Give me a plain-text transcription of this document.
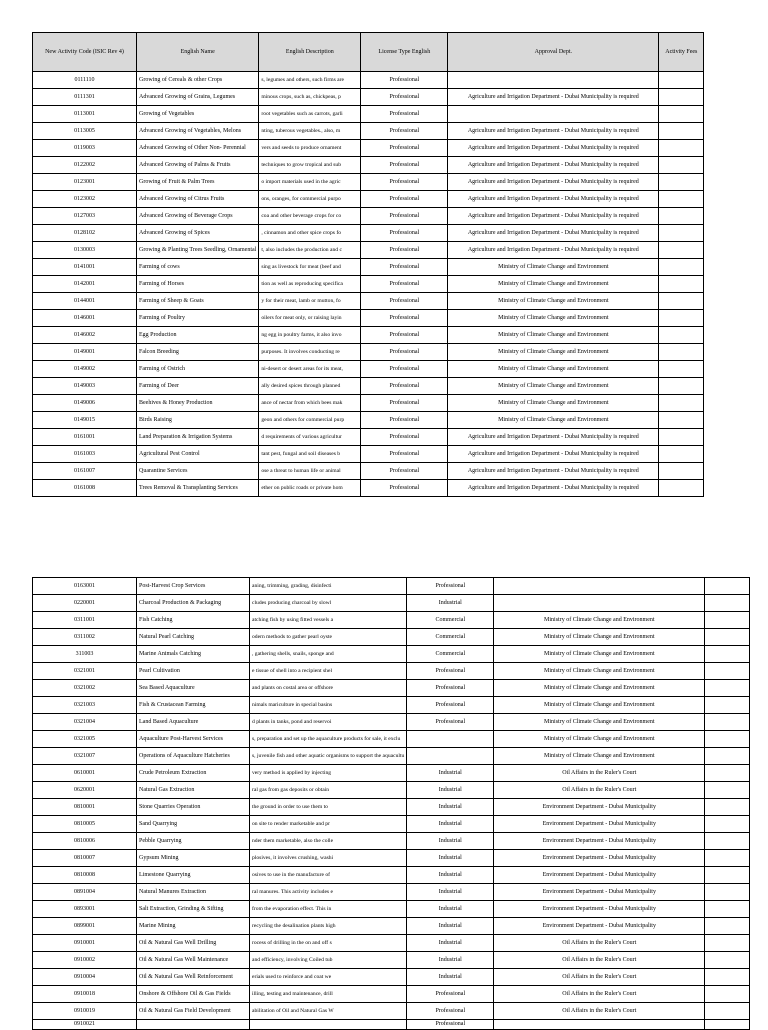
New Activity Code (ISIC Rev 4)	English Name	English Description	License Type English	Approval Dept.	Activity Fees
0111110	Growing of Cereals & other Crops	s, legumes and others, such firms are	Professional		
0111301	Advanced Growing of Grains, Legumes	minous crops, such as, chickpeas, p	Professional	Agriculture and Irrigation Department - Dubai Municipality is required	
0113001	Growing of Vegetables	root vegetables such as carrots, garli	Professional		
0113005	Advanced Growing of Vegetables, Melons	nting, tuberous vegetables., also, m	Professional	Agriculture and Irrigation Department - Dubai Municipality is required	
0119003	Advanced Growing of Other Non- Perennial	vers and seeds to produce ornament	Professional	Agriculture and Irrigation Department - Dubai Municipality is required	
0122002	Advanced Growing of Palms & Fruits	techniques to grow tropical and sub	Professional	Agriculture and Irrigation Department - Dubai Municipality is required	
0123001	Growing of Fruit & Palm Trees	o import materials used in the agric	Professional	Agriculture and Irrigation Department - Dubai Municipality is required	
0123002	Advanced Growing of Citrus Fruits	ons, oranges, for commercial purpo	Professional	Agriculture and Irrigation Department - Dubai Municipality is required	
0127003	Advanced Growing of Beverage Crops	coa and other beverage crops for co	Professional	Agriculture and Irrigation Department - Dubai Municipality is required	
0128102	Advanced Growing of Spices	, cinnamon and other spice crops fo	Professional	Agriculture and Irrigation Department - Dubai Municipality is required	
0130003	Growing & Planting Trees Seedling, Ornamental	t, also includes the production and c	Professional	Agriculture and Irrigation Department - Dubai Municipality is required	
0141001	Farming of cows	sing as livestock for meat (beef and	Professional	Ministry of Climate Change and Environment	
0142001	Farming of Horses	tion as well as reproducing specifica	Professional	Ministry of Climate Change and Environment	
0144001	Farming of Sheep & Goats	y for their meat, lamb or mutton, fo	Professional	Ministry of Climate Change and Environment	
0146001	Farming of Poultry	oilers for meat only, or raising layin	Professional	Ministry of Climate Change and Environment	
0146002	Egg Production	ng egg in poultry farms, it also invo	Professional	Ministry of Climate Change and Environment	
0149001	Falcon Breeding	purposes. It involves conducting re	Professional	Ministry of Climate Change and Environment	
0149002	Farming of Ostrich	ni-desert or desert areas for its meat,	Professional	Ministry of Climate Change and Environment	
0149003	Farming of Deer	ally desired spices through planned	Professional	Ministry of Climate Change and Environment	
0149006	Beehives & Honey Production	ance of nectar from which bees mak	Professional	Ministry of Climate Change and Environment	
0149015	Birds Raising	geon and others for commercial purp	Professional	Ministry of Climate Change and Environment	
0161001	Land Preparation & Irrigation Systems	d requirements of various agricultur	Professional	Agriculture and Irrigation Department - Dubai Municipality is required	
0161003	Agricultural Pest Control	tant pest, fungal and soil diseases b	Professional	Agriculture and Irrigation Department - Dubai Municipality is required	
0161007	Quarantine Services	ose a threat to human life or animal	Professional	Agriculture and Irrigation Department - Dubai Municipality is required	
0161008	Trees Removal & Transplanting Services	ether on public roads or private hom	Professional	Agriculture and Irrigation Department - Dubai Municipality is required	
0163001	Post-Harvest Crop Services	aning, trimming, grading, disinfecti	Professional		
0220001	Charcoal Production & Packaging	cludes producing charcoal by slowl	Industrial		
0311001	Fish Catching	atching fish by using fitted vessels a	Commercial	Ministry of Climate Change and Environment	
0311002	Natural Pearl Catching	odern methods to gather pearl oyste	Commercial	Ministry of Climate Change and Environment	
311003	Marine Animals Catching	, gathering shells, snails, sponge and	Commercial	Ministry of Climate Change and Environment	
0321001	Pearl Cultivation	e tissue of shell into a recipient shel	Professional	Ministry of Climate Change and Environment	
0321002	Sea Based Aquaculture	and plants on costal area or offshore	Professional	Ministry of Climate Change and Environment	
0321003	Fish & Crustacean Farming	nimals mariculture in special basins	Professional	Ministry of Climate Change and Environment	
0321004	Land Based Aquaculture	d plants in tanks, pond and reservoi	Professional	Ministry of Climate Change and Environment	
0321005	Aquaculture Post-Harvest Services	s, preparation and set up the aquaculture products for sale, it exclu		Ministry of Climate Change and Environment	
0321007	Operations of Aquaculture Hatcheries	s, juvenile fish and other aquatic organisms to support the aquacultu		Ministry of Climate Change and Environment	
0610001	Crude Petroleum Extraction	very method is applied by injecting	Industrial	Oil Affairs in the Ruler's Court	
0620001	Natural Gas Extraction	ral gas from gas deposits or obtain	Industrial	Oil Affairs in the Ruler's Court	
0810001	Stone Quarries Operation	the ground in order to use them to	Industrial	Environment Department - Dubai Municipality	
0810005	Sand Quarrying	on site to render marketable and pr	Industrial	Environment Department - Dubai Municipality	
0810006	Pebble Quarrying	nder them marketable, also the colle	Industrial	Environment Department - Dubai Municipality	
0810007	Gypsum Mining	plosives, it involves crushing, washi	Industrial	Environment Department - Dubai Municipality	
0810008	Limestone Quarrying	osives to use in the manufacture of	Industrial	Environment Department - Dubai Municipality	
0891004	Natural Manures Extraction	ral manures. This activity includes e	Industrial	Environment Department - Dubai Municipality	
0893001	Salt Extraction, Grinding & Sifting	from the evaporation effect. This in	Industrial	Environment Department - Dubai Municipality	
0899001	Marine Mining	recycling the desalination plants high	Industrial	Environment Department - Dubai Municipality	
0910001	Oil & Natural Gas Well Drilling	rocess of drilling in the on and off s	Industrial	Oil Affairs in the Ruler's Court	
0910002	Oil & Natural Gas Well Maintenance	and efficiency, involving Coiled tub	Industrial	Oil Affairs in the Ruler's Court	
0910004	Oil & Natural Gas Well Reinforcement	erials used to reinforce and coat we	Industrial	Oil Affairs in the Ruler's Court	
0910018	Onshore & Offshore Oil & Gas Fields	illing, testing and maintenance, drill	Professional	Oil Affairs in the Ruler's Court	
0910019	Oil & Natural Gas Field Development	abilitation of Oil and Natural Gas W	Professional	Oil Affairs in the Ruler's Court	
0910021			Professional		
